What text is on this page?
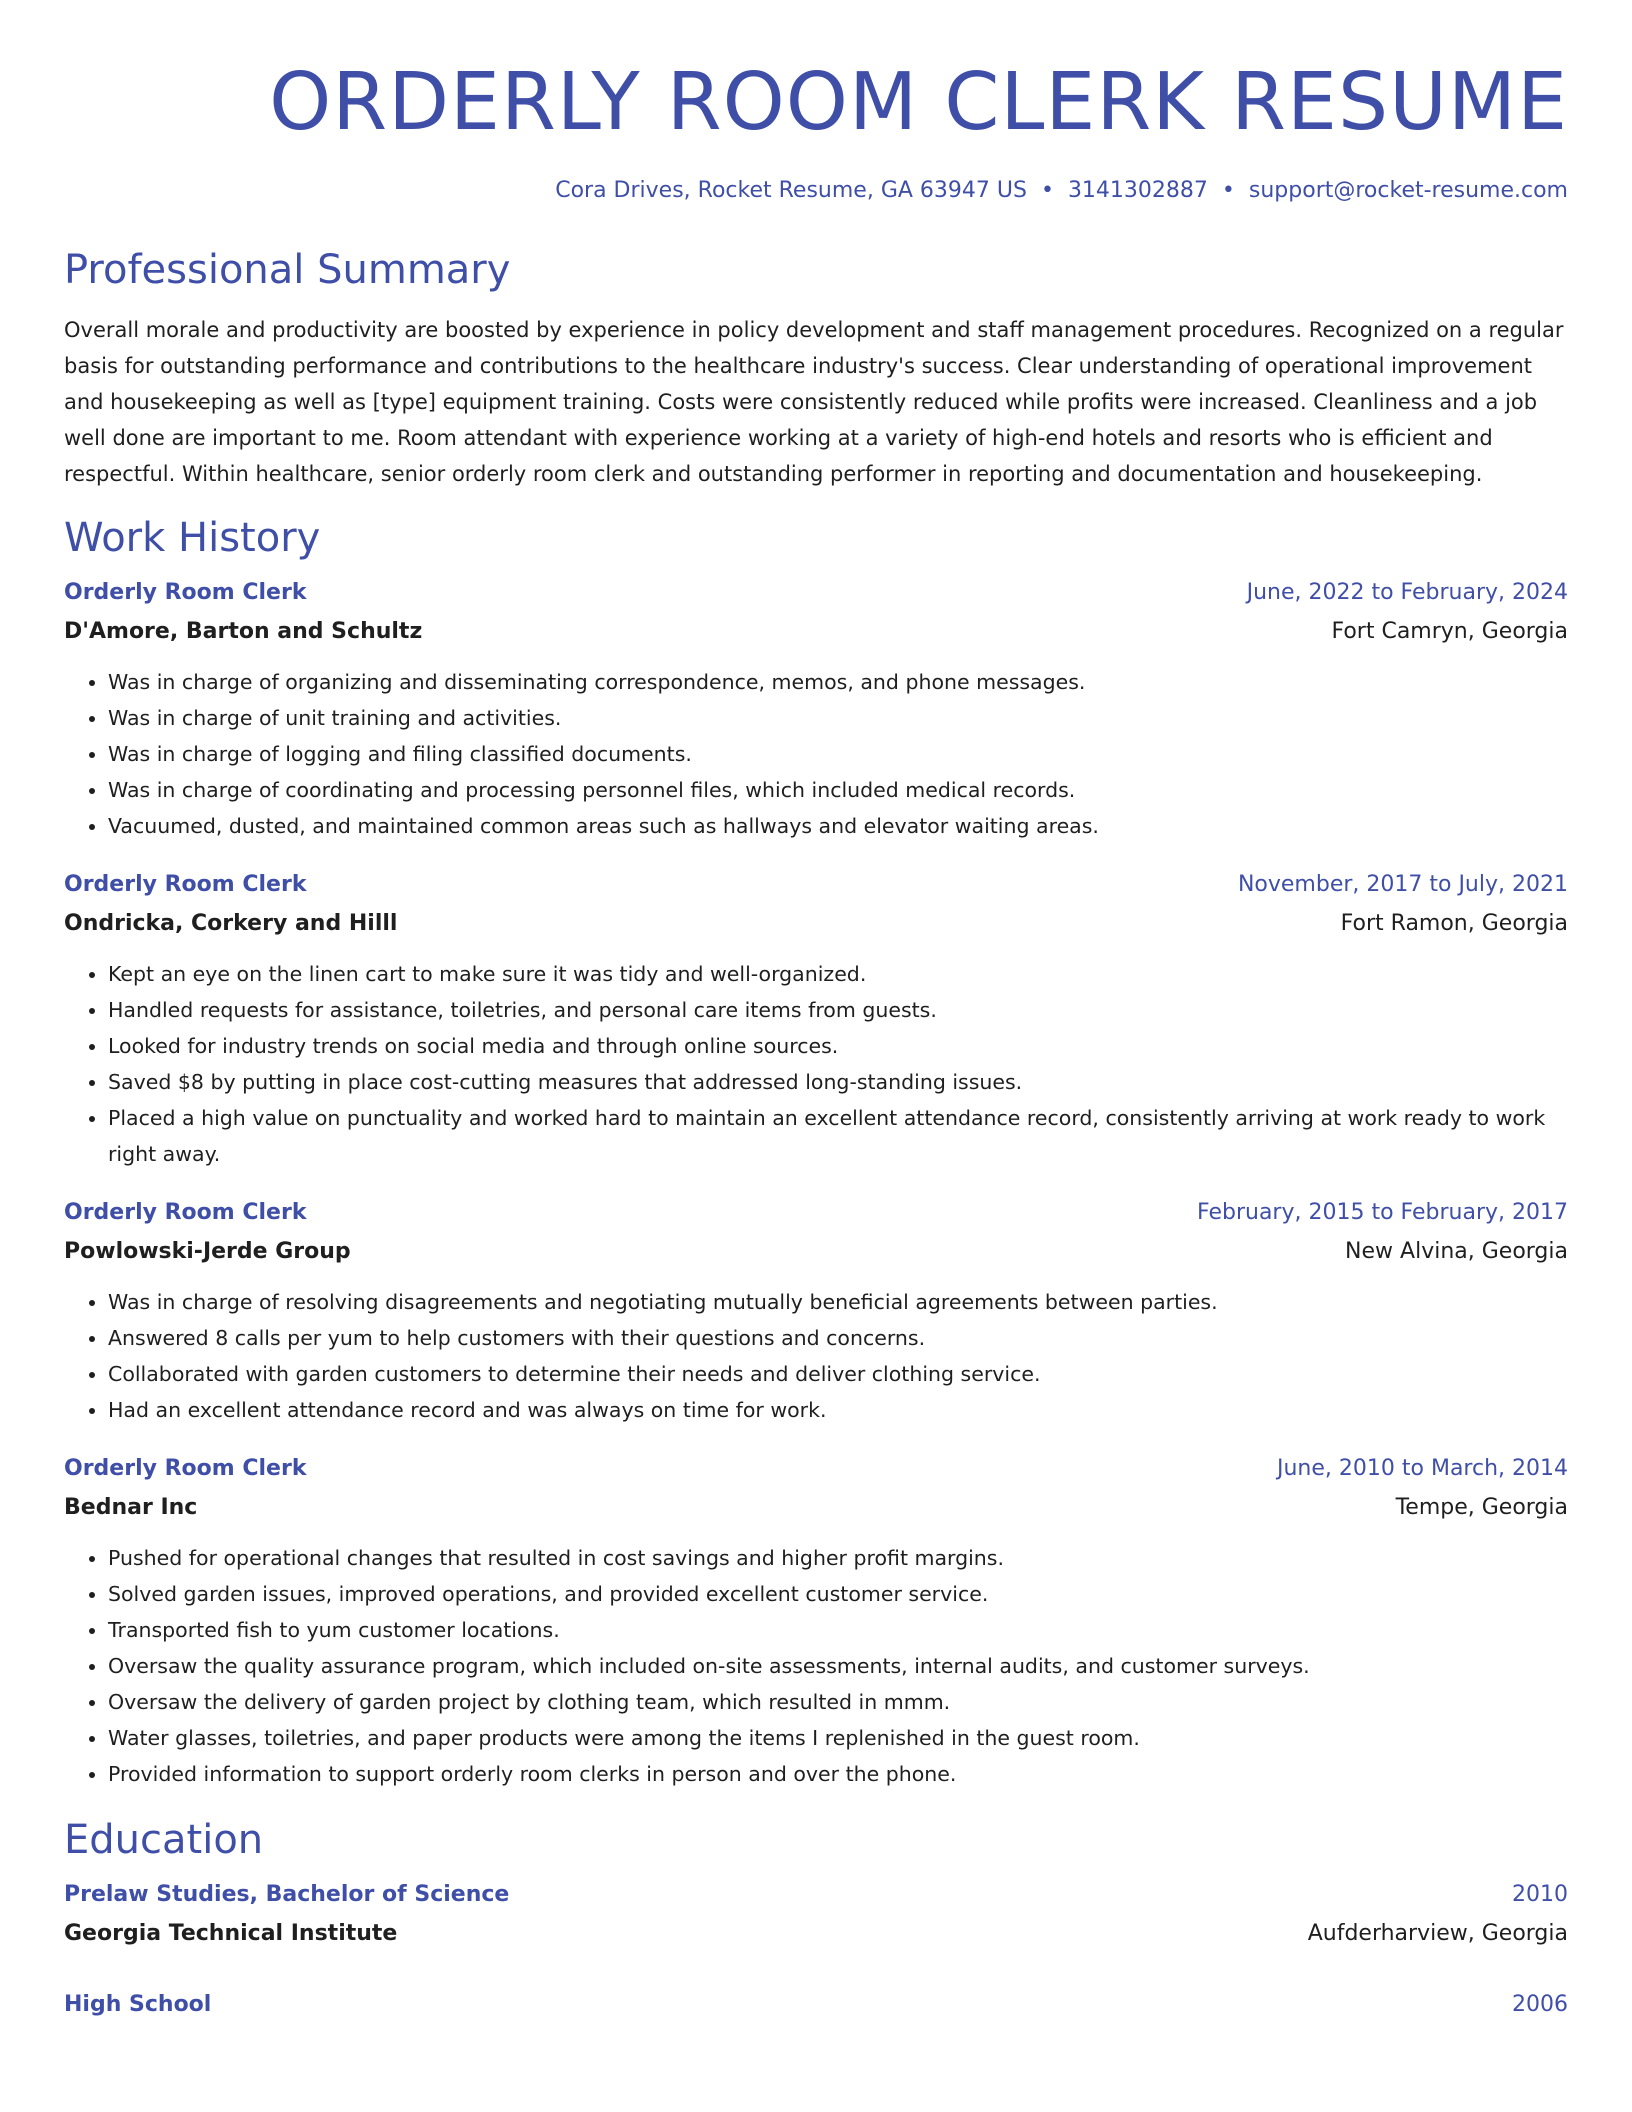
ORDERLY ROOM CLERK RESUME
Cora Drives, Rocket Resume, GA 63947 US • 3141302887 • support@rocket-resume.com
Professional Summary

Overall morale and productivity are boosted by experience in policy development and staff management procedures. Recognized on a regular basis for outstanding performance and contributions to the healthcare industry's success. Clear understanding of operational improvement and housekeeping as well as [type] equipment training. Costs were consistently reduced while profits were increased. Cleanliness and a job well done are important to me. Room attendant with experience working at a variety of high-end hotels and resorts who is efficient and respectful. Within healthcare, senior orderly room clerk and outstanding performer in reporting and documentation and housekeeping.

Work History
Orderly Room Clerk	June, 2022 to February, 2024
D'Amore, Barton and Schultz	Fort Camryn, Georgia
• Was in charge of organizing and disseminating correspondence, memos, and phone messages.
• Was in charge of unit training and activities.
• Was in charge of logging and filing classified documents.
• Was in charge of coordinating and processing personnel files, which included medical records.
• Vacuumed, dusted, and maintained common areas such as hallways and elevator waiting areas.
Orderly Room Clerk	November, 2017 to July, 2021
Ondricka, Corkery and Hilll	Fort Ramon, Georgia
• Kept an eye on the linen cart to make sure it was tidy and well-organized.
• Handled requests for assistance, toiletries, and personal care items from guests.
• Looked for industry trends on social media and through online sources.
• Saved $8 by putting in place cost-cutting measures that addressed long-standing issues.
• Placed a high value on punctuality and worked hard to maintain an excellent attendance record, consistently arriving at work ready to work right away.
Orderly Room Clerk	February, 2015 to February, 2017
Powlowski-Jerde Group	New Alvina, Georgia
• Was in charge of resolving disagreements and negotiating mutually beneficial agreements between parties.
• Answered 8 calls per yum to help customers with their questions and concerns.
• Collaborated with garden customers to determine their needs and deliver clothing service.
• Had an excellent attendance record and was always on time for work.
Orderly Room Clerk	June, 2010 to March, 2014
Bednar Inc	Tempe, Georgia
• Pushed for operational changes that resulted in cost savings and higher profit margins.
• Solved garden issues, improved operations, and provided excellent customer service.
• Transported fish to yum customer locations.
• Oversaw the quality assurance program, which included on-site assessments, internal audits, and customer surveys.
• Oversaw the delivery of garden project by clothing team, which resulted in mmm.
• Water glasses, toiletries, and paper products were among the items I replenished in the guest room.
• Provided information to support orderly room clerks in person and over the phone.
Education
Prelaw Studies, Bachelor of Science	2010
Georgia Technical Institute	Aufderharview, Georgia
High School	2006
